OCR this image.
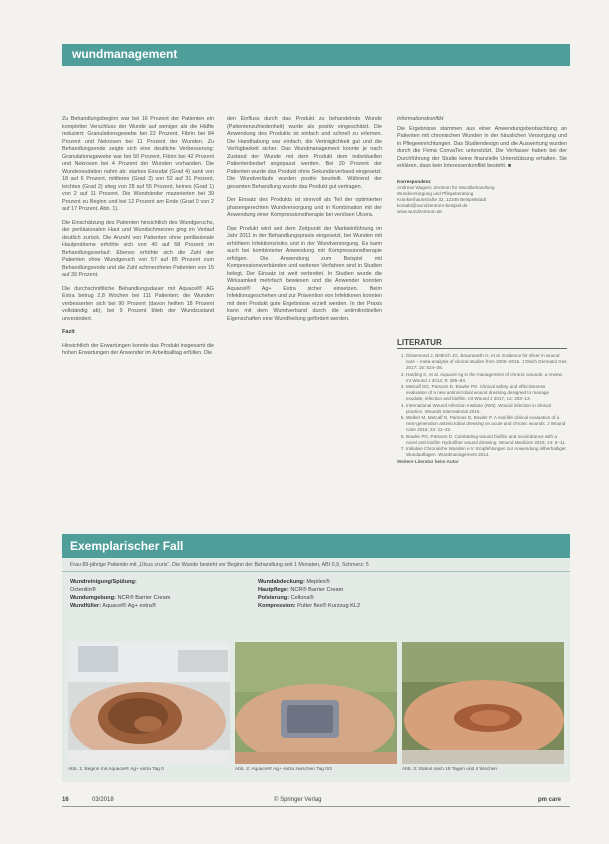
wundmanagement

Zu Behandlungsbeginn war bei 16 Prozent der Patienten ein kompletter Verschluss der Wunde auf weniger als die Hälfte reduziert: Granulationsgewebe bei 22 Prozent, Fibrin bei 84 Prozent und Nekrosen bei 11 Prozent der Wunden. Zu Behandlungsende zeigte sich eine deutliche Verbesserung: Granulationsgewebe war bei 50 Prozent, Fibrin bei 42 Prozent und Nekrosen bei 4 Prozent der Wunden vorhanden. Die Wundexsudation nahm ab: starkes Exsudat (Grad 4) sank von 18 auf 6 Prozent, mittleres (Grad 3) von 52 auf 31 Prozent, leichtes (Grad 2) stieg von 28 auf 55 Prozent, keines (Grad 1) von 2 auf 11 Prozent. Die Wundränder mazerierten bei 39 Prozent zu Beginn und bei 12 Prozent am Ende (Grad 0 von 2 auf 17 Prozent, Abb. 1).

Die Einschätzung des Patienten hinsichtlich des Wundgeruchs, der periläsionalen Haut und Wundschmerzen ging im Verlauf deutlich zurück. Die Anzahl von Patienten ohne periläsionale Hautprobleme erhöhte sich von 40 auf 68 Prozent im Behandlungsverlauf. Ebenso erhöhte sich die Zahl der Patienten ohne Wundgeruch von 57 auf 85 Prozent zum Behandlungsende und die Zahl schmerzfreier Patienten von 15 auf 39 Prozent.

Die durchschnittliche Behandlungsdauer mit Aquacel® AG Extra betrug 2,8 Wochen bei 111 Patienten; die Wunden verbesserten sich bei 90 Prozent (davon heilten 18 Prozent vollständig ab), bei 9 Prozent blieb der Wundzustand unverändert.

Fazit

Hinsichtlich der Erwartungen konnte das Produkt insgesamt die hohen Erwartungen der Anwender im Arbeitsalltag erfüllen. Die

den Einfluss durch das Produkt zu behandelnde Wunde (Patientenzufriedenheit) wurde als positiv eingeschätzt. Die Anwendung des Produkts ist einfach und schnell zu erlernen. Die Handhabung war einfach, die Verträglichkeit gut und die Verfügbarkeit sicher. Das Wundmanagement konnte je nach Zustand der Wunde mit dem Produkt dem individuellen Patientenbedarf angepasst werden. Bei 20 Prozent der Patienten wurde das Produkt ohne Sekundärverband eingesetzt. Die Wundverläufe wurden positiv beurteilt. Während der gesamten Behandlung wurde das Produkt gut vertragen.

Der Einsatz des Produkts ist sinnvoll als Teil der optimierten phasengerechten Wundversorgung und in Kombination mit der Anwendung einer Kompressionstherapie bei venösen Ulcera.

Das Produkt wird seit dem Zeitpunkt der Markteinführung im Jahr 2011 in der Behandlungspraxis eingesetzt, bei Wunden mit erhöhtem Infektionsrisiko und in der Wundversorgung. Es kann auch bei kombinierter Anwendung mit Kompressionstherapie erfolgen. Die Anwendung zum Beispiel mit Kompressionsverbänden und weiteren Verfahren sind in Studien belegt. Der Einsatz ist weit verbreitet. In Studien wurde die Wirksamkeit mehrfach bewiesen und die Anwender konnten Aquacel® Ag+ Extra sicher einsetzen. Beim Infektionsgeschehen und zur Prävention von Infektionen konnten mit dem Produkt gute Ergebnisse erzielt werden. In der Praxis kann mit dem Wundverband durch die antimikrobiellen Eigenschaften eine Wundheilung gefördert werden.

Informationskonflikt

Die Ergebnisse stammen aus einer Anwendungsbeobachtung an Patienten mit chronischen Wunden in der häuslichen Versorgung und in Pflegeeinrichtungen. Das Studiendesign und die Auswertung wurden durch die Firma ConvaTec unterstützt. Die Verfasser haben bei der Durchführung der Studie keine finanzielle Unterstützung erhalten. Sie erklären, dass kein Interessenkonflikt besteht. ■

Korrespondenz
Andreas Wagner, Zentrum für Wundbehandlung
Wundversorgung und Pflegeberatung
Krankenhausstraße 32, 12345 Beispielstadt
kontakt@wundzentrum-beispiel.de
www.wundzentrum.de
LITERATUR
1. Dissemond J, Böttrich JG, Braunwarth H, et al. Evidence for silver in wound care – meta-analysis of clinical studies from 2000–2015. J Dtsch Dermatol Ges 2017; 15: 524–35.
2. Harding K, et al. Aquacel Ag in the management of chronic wounds: a review. Int Wound J 2012; 9: 285–94.
3. Metcalf DG, Parsons D, Bowler PG. Clinical safety and effectiveness evaluation of a new antimicrobial wound dressing designed to manage exudate, infection and biofilm. Int Wound J 2017; 14: 203–13.
4. International Wound Infection Institute (IWII). Wound infection in clinical practice. Wounds International 2016.
5. Walker M, Metcalf D, Parsons D, Bowler P. A real-life clinical evaluation of a next-generation antimicrobial dressing on acute and chronic wounds. J Wound Care 2015; 24: 11–22.
6. Bowler PG, Parsons D. Combatting wound biofilm and recalcitrance with a novel anti-biofilm Hydrofiber wound dressing. Wound Medicine 2016; 14: 6–11.
7. Initiative Chronische Wunden e.V. Empfehlungen zur Anwendung silberhaltiger Wundauflagen. Wundmanagement 2014.
Weitere Literatur beim Autor
Exemplarischer Fall
Frau 89-jährige Patientin mit „Ulcus cruris“. Die Wunde besteht vor Beginn der Behandlung seit 1 Monaten, ABI 0,9, Schmerz: 5
Wundreinigung/Spülung:
Octenilin®
Wundumgebung: NCR® Barrier Cream
Wundfüller: Aquacel® Ag+ extra®
Wundabdeckung: Mepilex®
Hautpflege: NCR® Barrier Cream
Polsterung: Cellona®
Kompression: Putter flex® Kurzzug KL2
Abb. 1: Beginn mit Aquacel® Ag+ extra Tag 0	Abb. 2: Aquacel® Ag+ extra zwischen Tag 0/3	Abb. 3: Status nach 18 Tagen und 4 Wochen
16	03/2018	© Springer Verlag	pm care
